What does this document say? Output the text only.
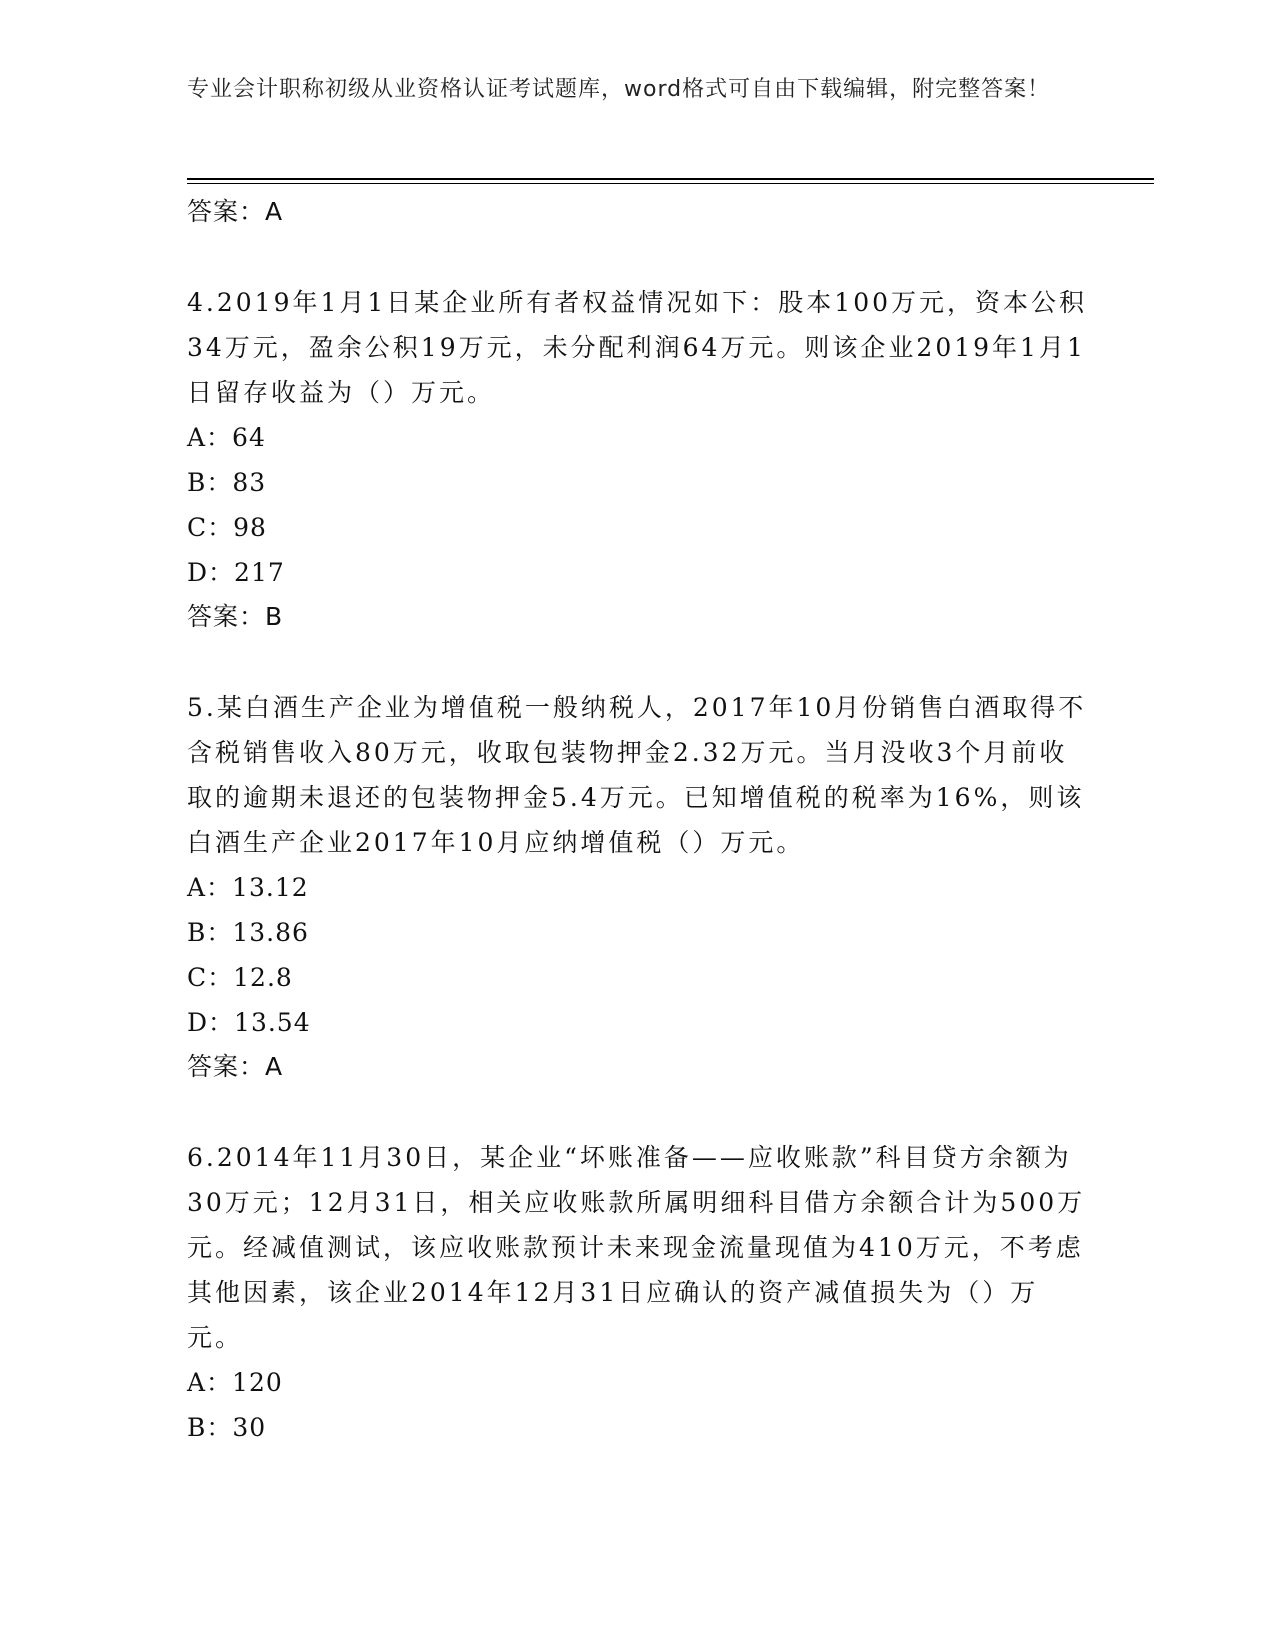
专业会计职称初级从业资格认证考试题库，word格式可自由下载编辑，附完整答案！
答案：A

4.2019年1月1日某企业所有者权益情况如下：股本100万元，资本公积34万元，盈余公积19万元，未分配利润64万元。则该企业2019年1月1日留存收益为（）万元。

A：64
B：83
C：98
D：217
答案：B

5.某白酒生产企业为增值税一般纳税人，2017年10月份销售白酒取得不含税销售收入80万元，收取包装物押金2.32万元。当月没收3个月前收取的逾期未退还的包装物押金5.4万元。已知增值税的税率为16%，则该白酒生产企业2017年10月应纳增值税（）万元。

A：13.12
B：13.86
C：12.8
D：13.54
答案：A

6.2014年11月30日，某企业“坏账准备——应收账款”科目贷方余额为30万元；12月31日，相关应收账款所属明细科目借方余额合计为500万元。经减值测试，该应收账款预计未来现金流量现值为410万元，不考虑其他因素，该企业2014年12月31日应确认的资产减值损失为（）万元。

A：120
B：30
